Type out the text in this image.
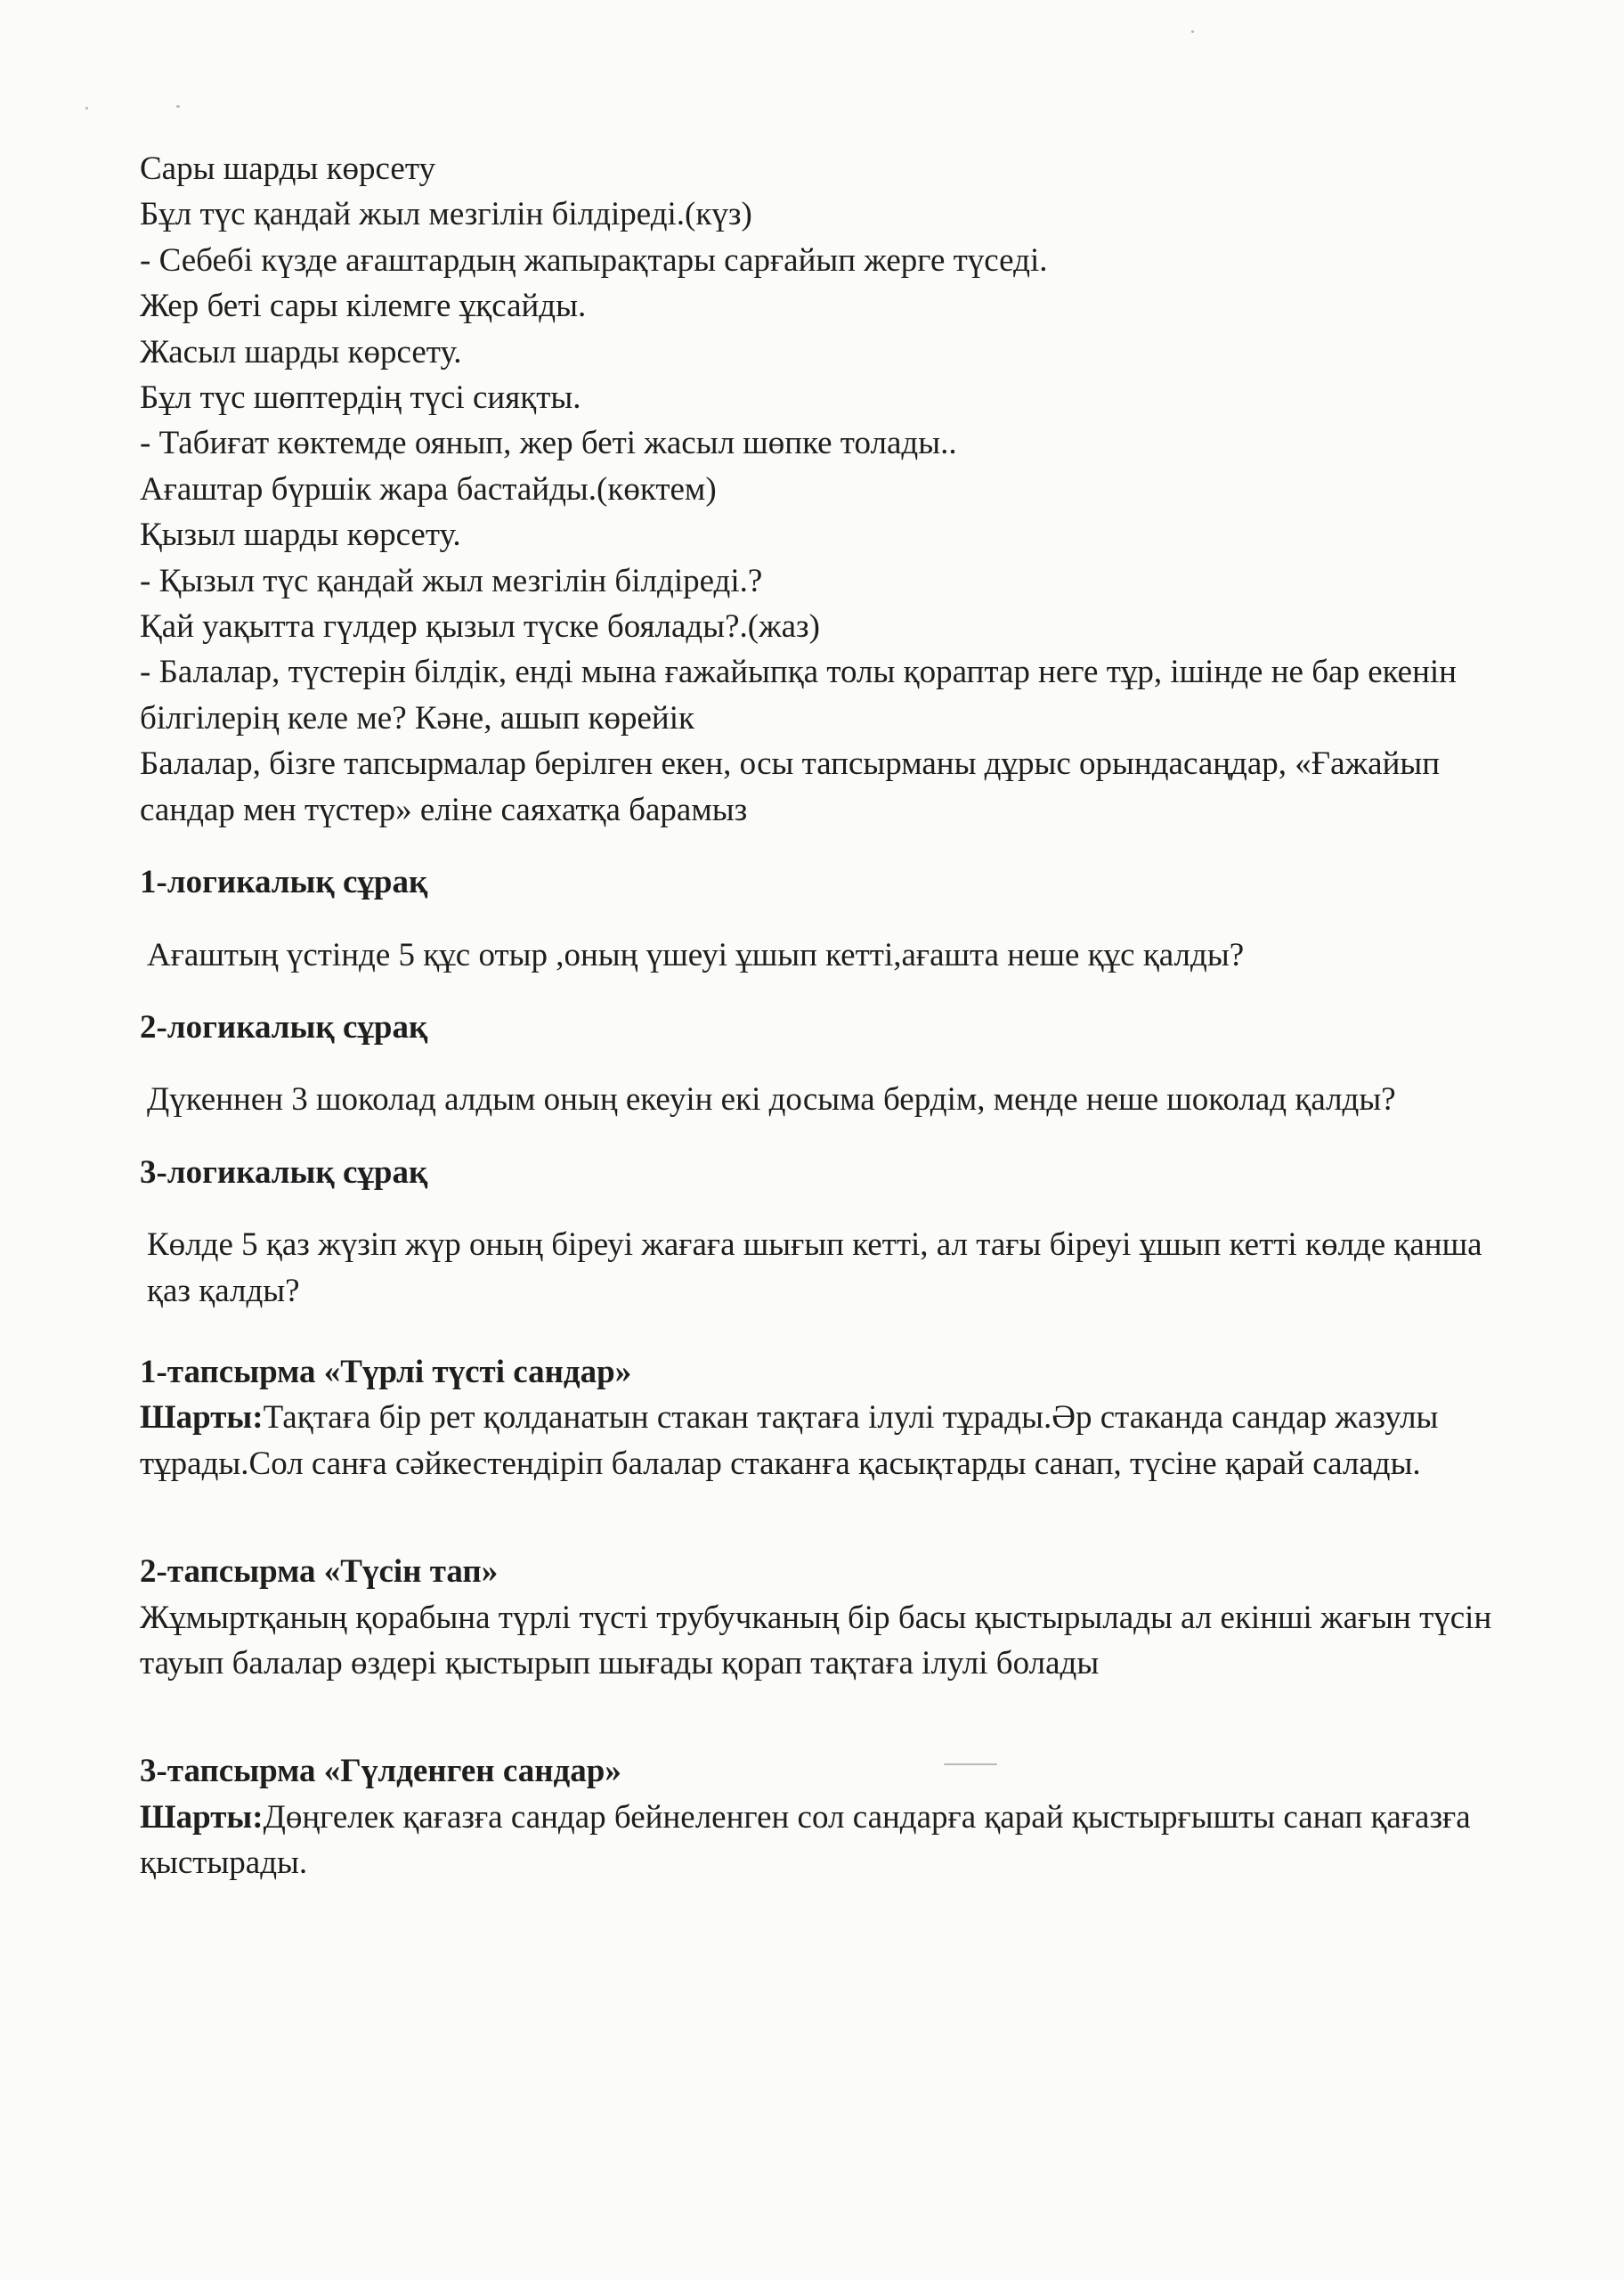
Сары шарды көрсету

Бұл түс қандай жыл мезгілін білдіреді.(күз)

- Себебі күзде ағаштардың жапырақтары сарғайып жерге түседі.

Жер беті сары кілемге ұқсайды.

Жасыл шарды көрсету.

Бұл түс шөптердің түсі сияқты.

- Табиғат көктемде оянып, жер беті жасыл шөпке толады..

Ағаштар бүршік жара бастайды.(көктем)

Қызыл шарды көрсету.

- Қызыл түс қандай жыл мезгілін білдіреді.?

Қай уақытта гүлдер қызыл түске боялады?.(жаз)

- Балалар, түстерін білдік, енді мына ғажайыпқа толы қораптар неге тұр, ішінде не бар екенін білгілерің келе ме? Кәне, ашып көрейік

Балалар, бізге тапсырмалар берілген екен, осы тапсырманы дұрыс орындасаңдар, «Ғажайып сандар мен түстер» еліне саяхатқа барамыз

1-логикалық сұрақ

Ағаштың үстінде 5 құс отыр ,оның үшеуі ұшып кетті,ағашта неше құс қалды?

2-логикалық сұрақ

Дүкеннен 3 шоколад алдым оның екеуін екі досыма бердім, менде неше шоколад қалды?

3-логикалық сұрақ

Көлде 5 қаз жүзіп жүр оның біреуі жағаға шығып кетті, ал тағы біреуі ұшып кетті көлде қанша қаз қалды?

1-тапсырма «Түрлі түсті сандар»

Шарты:Тақтаға бір рет қолданатын стакан тақтаға ілулі тұрады.Әр стаканда сандар жазулы тұрады.Сол санға сәйкестендіріп балалар стаканға қасықтарды санап, түсіне қарай салады.

2-тапсырма «Түсін тап»

Жұмыртқаның қорабына түрлі түсті трубучканың бір басы қыстырылады ал екінші жағын түсін тауып балалар өздері қыстырып шығады қорап тақтаға ілулі болады

3-тапсырма «Гүлденген сандар»

Шарты:Дөңгелек қағазға сандар бейнеленген сол сандарға қарай қыстырғышты санап қағазға қыстырады.
